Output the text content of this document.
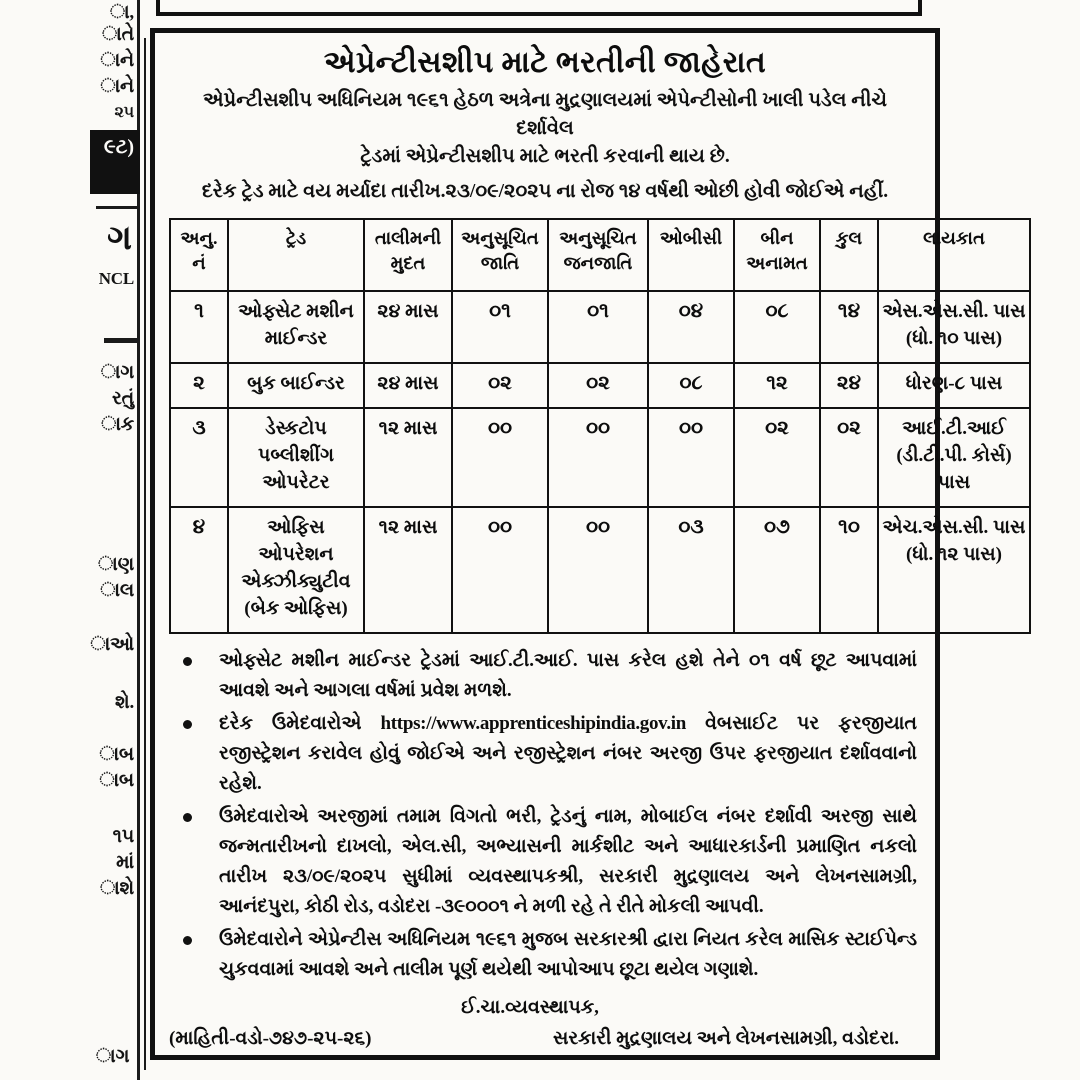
ા,
ાતે
ાને
ાને
૨૫
૯ટ)
ગ
NCL
ાગ
રતું
ાક
ાણ
ાલ
ાઓ
શે.
ાબ
ાબ
૧૫
માં
ાશે
ાગ
એપ્રેન્ટીસશીપ માટે ભરતીની જાહેરાત

એપ્રેન્ટીસશીપ અધિનિયમ ૧૯૬૧ હેઠળ અત્રેના મુદ્રણાલયમાં એપેન્ટીસોની ખાલી પડેલ નીચે દર્શાવેલ

ટ્રેડમાં એપ્રેન્ટીસશીપ માટે ભરતી કરવાની થાય છે.

દરેક ટ્રેડ માટે વય મર્યાદા તારીખ.૨૩/૦૯/૨૦૨૫ ના રોજ ૧૪ વર્ષથી ઓછી હોવી જોઈએ નહીં.

અનુ. નં	ટ્રેડ	તાલીમની મુદત	અનુસૂચિત જાતિ	અનુસૂચિત જનજાતિ	ઓબીસી	બીન અનામત	કુલ	લાયકાત
૧	ઓફ્સેટ મશીન માઈન્ડર	૨૪ માસ	૦૧	૦૧	૦૪	૦૮	૧૪	એસ.એસ.સી. પાસ (ધો. ૧૦ પાસ)
૨	બુક બાઈન્ડર	૨૪ માસ	૦૨	૦૨	૦૮	૧૨	૨૪	ધોરણ-૮ પાસ
૩	ડેસ્કટોપ પબ્લીશીંગ ઓપરેટર	૧૨ માસ	૦૦	૦૦	૦૦	૦૨	૦૨	આઈ.ટી.આઈ (ડી.ટી.પી. કોર્સ) પાસ
૪	ઓફિસ ઓપરેશન એક્ઝીક્યુટીવ (બેક ઓફિસ)	૧૨ માસ	૦૦	૦૦	૦૩	૦૭	૧૦	એચ.એસ.સી. પાસ (ધો. ૧૨ પાસ)
ઓફ્સેટ મશીન માઈન્ડર ટ્રેડમાં આઈ.ટી.આઈ. પાસ કરેલ હશે તેને ૦૧ વર્ષ છૂટ આપવામાં આવશે અને આગલા વર્ષમાં પ્રવેશ મળશે.
દરેક ઉમેદવારોએ https://www.apprenticeshipindia.gov.in વેબસાઈટ પર ફરજીયાત રજીસ્ટ્રેશન કરાવેલ હોવું જોઈએ અને રજીસ્ટ્રેશન નંબર અરજી ઉપર ફરજીયાત દર્શાવવાનો રહેશે.
ઉમેદવારોએ અરજીમાં તમામ વિગતો ભરી, ટ્રેડનું નામ, મોબાઈલ નંબર દર્શાવી અરજી સાથે જન્મતારીખનો દાખલો, એલ.સી, અભ્યાસની માર્કશીટ અને આધારકાર્ડની પ્રમાણિત નકલો તારીખ ૨૩/૦૯/૨૦૨૫ સુધીમાં વ્યવસ્થાપકશ્રી, સરકારી મુદ્રણાલય અને લેખનસામગ્રી, આનંદપુરા, કોઠી રોડ, વડોદરા -૩૯૦૦૦૧ ને મળી રહે તે રીતે મોકલી આપવી.
ઉમેદવારોને એપ્રેન્ટીસ અધિનિયમ ૧૯૬૧ મુજબ સરકારશ્રી દ્વારા નિયત કરેલ માસિક સ્ટાઈપેન્ડ ચુકવવામાં આવશે અને તાલીમ પૂર્ણ થયેથી આપોઆપ છૂટા થયેલ ગણાશે.
ઈ.ચા.વ્યવસ્થાપક,
(માહિતી-વડો-૭૪૭-૨૫-૨૬)	સરકારી મુદ્રણાલય અને લેખનસામગ્રી, વડોદરા.
